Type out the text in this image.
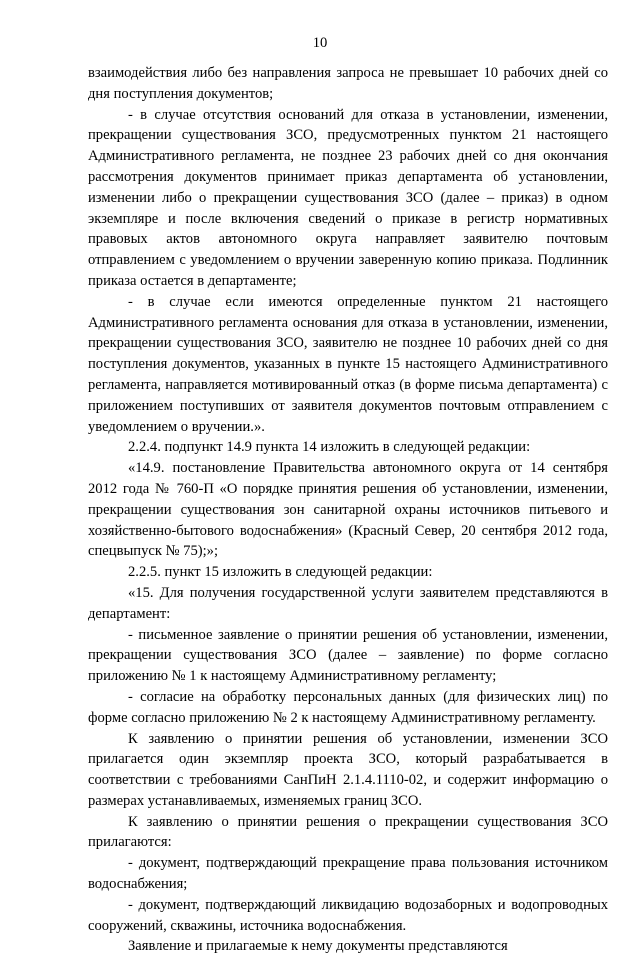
10

взаимодействия либо без направления запроса не превышает 10 рабочих дней со дня поступления документов;

- в случае отсутствия оснований для отказа в установлении, изменении, прекращении существования ЗСО, предусмотренных пунктом 21 настоящего Административного регламента, не позднее 23 рабочих дней со дня окончания рассмотрения документов принимает приказ департамента об установлении, изменении либо о прекращении существования ЗСО (далее – приказ) в одном экземпляре и после включения сведений о приказе в регистр нормативных правовых актов автономного округа направляет заявителю почтовым отправлением с уведомлением о вручении заверенную копию приказа. Подлинник приказа остается в департаменте;

- в случае если имеются определенные пунктом 21 настоящего Административного регламента основания для отказа в установлении, изменении, прекращении существования ЗСО, заявителю не позднее 10 рабочих дней со дня поступления документов, указанных в пункте 15 настоящего Административного регламента, направляется мотивированный отказ (в форме письма департамента) с приложением поступивших от заявителя документов почтовым отправлением с уведомлением о вручении.».

2.2.4. подпункт 14.9 пункта 14 изложить в следующей редакции:

«14.9. постановление Правительства автономного округа от 14 сентября 2012 года № 760-П «О порядке принятия решения об установлении, изменении, прекращении существования зон санитарной охраны источников питьевого и хозяйственно-бытового водоснабжения» (Красный Север, 20 сентября 2012 года, спецвыпуск № 75);»;

2.2.5. пункт 15 изложить в следующей редакции:

«15. Для получения государственной услуги заявителем представляются в департамент:

- письменное заявление о принятии решения об установлении, изменении, прекращении существования ЗСО (далее – заявление) по форме согласно приложению № 1 к настоящему Административному регламенту;

- согласие на обработку персональных данных (для физических лиц) по форме согласно приложению № 2 к настоящему Административному регламенту.

К заявлению о принятии решения об установлении, изменении ЗСО прилагается один экземпляр проекта ЗСО, который разрабатывается в соответствии с требованиями СанПиН 2.1.4.1110-02, и содержит информацию о размерах устанавливаемых, изменяемых границ ЗСО.

К заявлению о принятии решения о прекращении существования ЗСО прилагаются:

- документ, подтверждающий прекращение права пользования источником водоснабжения;

- документ, подтверждающий ликвидацию водозаборных и водопроводных сооружений, скважины, источника водоснабжения.

Заявление и прилагаемые к нему документы представляются
